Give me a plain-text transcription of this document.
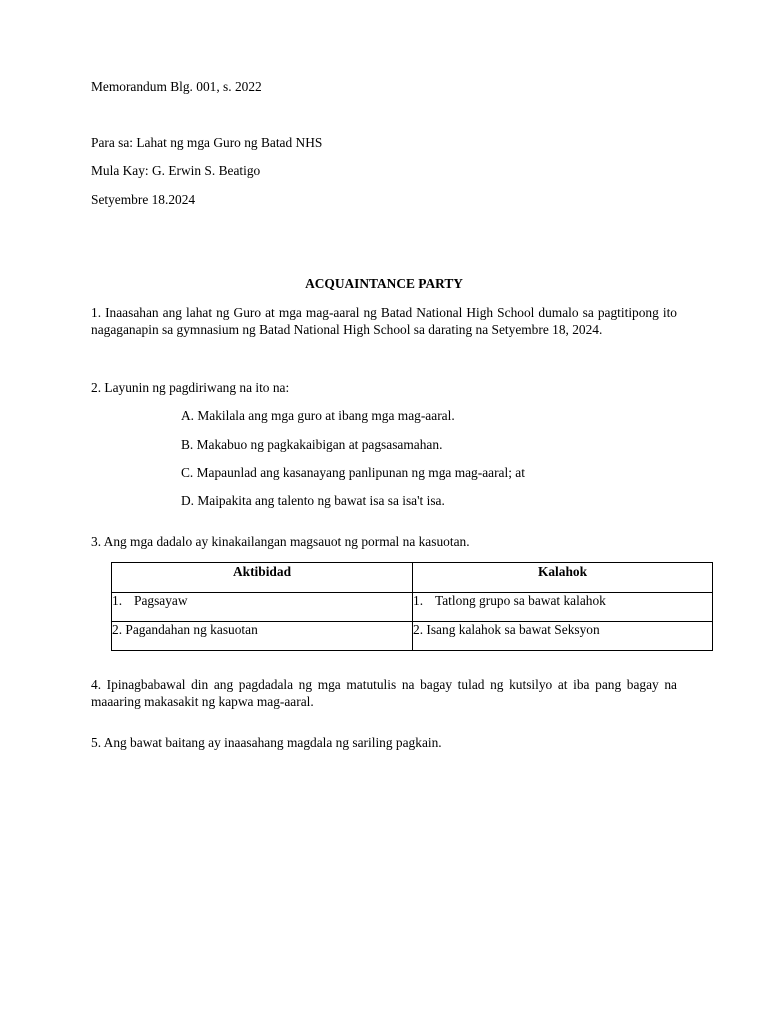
Memorandum Blg. 001, s. 2022
Para sa: Lahat ng mga Guro ng Batad NHS
Mula Kay: G. Erwin S. Beatigo
Setyembre 18.2024
ACQUAINTANCE PARTY
1. Inaasahan ang lahat ng Guro at mga mag-aaral ng Batad National High School dumalo sa pagtitipong ito nagaganapin sa gymnasium ng Batad National High School sa darating na Setyembre 18, 2024.
2. Layunin ng pagdiriwang na ito na:
A. Makilala ang mga guro at ibang mga mag-aaral.
B. Makabuo ng pagkakaibigan at pagsasamahan.
C. Mapaunlad ang kasanayang panlipunan ng mga mag-aaral; at
D. Maipakita ang talento ng bawat isa sa isa't isa.
3. Ang mga dadalo ay kinakailangan magsauot ng pormal na kasuotan.
Aktibidad	Kalahok
1. Pagsayaw	1. Tatlong grupo sa bawat kalahok
2. Pagandahan ng kasuotan	2. Isang kalahok sa bawat Seksyon
4. Ipinagbabawal din ang pagdadala ng mga matutulis na bagay tulad ng kutsilyo at iba pang bagay na maaaring makasakit ng kapwa mag-aaral.
5. Ang bawat baitang ay inaasahang magdala ng sariling pagkain.
